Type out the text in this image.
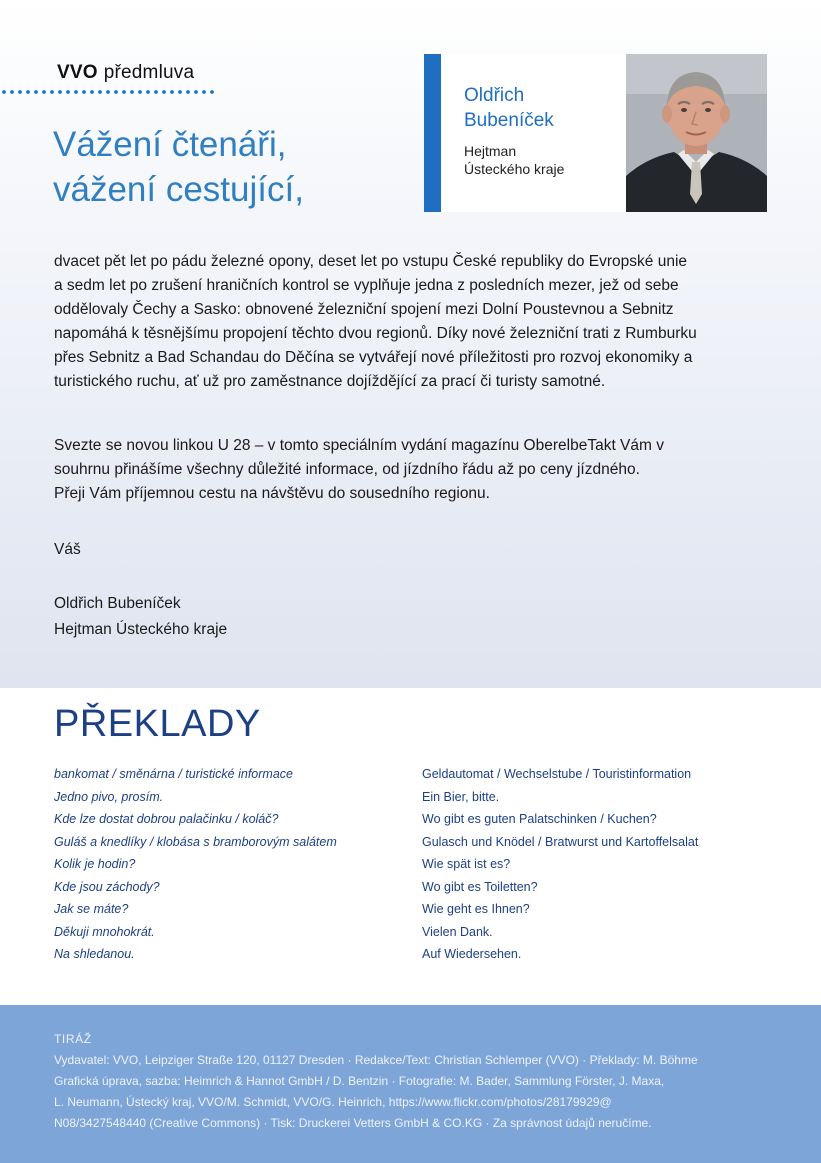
VVO předmluva
Vážení čtenáři,
vážení cestující,
Oldřich
Bubeníček
Hejtman
Ústeckého kraje

dvacet pět let po pádu železné opony, deset let po vstupu České republiky do Evropské unie
a sedm let po zrušení hraničních kontrol se vyplňuje jedna z posledních mezer, jež od sebe
oddělovaly Čechy a Sasko: obnovené železniční spojení mezi Dolní Poustevnou a Sebnitz
napomáhá k těsnějšímu propojení těchto dvou regionů. Díky nové železniční trati z Rumburku
přes Sebnitz a Bad Schandau do Děčína se vytvářejí nové příležitosti pro rozvoj ekonomiky a
turistického ruchu, ať už pro zaměstnance dojíždějící za prací či turisty samotné.

Svezte se novou linkou U 28 – v tomto speciálním vydání magazínu OberelbeTakt Vám v
souhrnu přinášíme všechny důležité informace, od jízdního řádu až po ceny jízdného.
Přeji Vám příjemnou cestu na návštěvu do sousedního regionu.

Váš

Oldřich Bubeníček

Hejtman Ústeckého kraje

PŘEKLADY
bankomat / směnárna / turistické informace
Jedno pivo, prosím.
Kde lze dostat dobrou palačinku / koláč?
Guláš a knedlíky / klobása s bramborovým salátem
Kolik je hodin?
Kde jsou záchody?
Jak se máte?
Děkuji mnohokrát.
Na shledanou.
Geldautomat / Wechselstube / Touristinformation
Ein Bier, bitte.
Wo gibt es guten Palatschinken / Kuchen?
Gulasch und Knödel / Bratwurst und Kartoffelsalat
Wie spät ist es?
Wo gibt es Toiletten?
Wie geht es Ihnen?
Vielen Dank.
Auf Wiedersehen.
TIRÁŽ
Vydavatel: VVO, Leipziger Straße 120, 01127 Dresden · Redakce/Text: Christian Schlemper (VVO) · Překlady: M. Böhme
Grafická úprava, sazba: Heimrich & Hannot GmbH / D. Bentzin · Fotografie: M. Bader, Sammlung Förster, J. Maxa,
L. Neumann, Ústecký kraj, VVO/M. Schmidt, VVO/G. Heinrich, https://www.flickr.com/photos/28179929@
N08/3427548440 (Creative Commons) · Tisk: Druckerei Vetters GmbH & CO.KG · Za správnost údajů neručíme.
